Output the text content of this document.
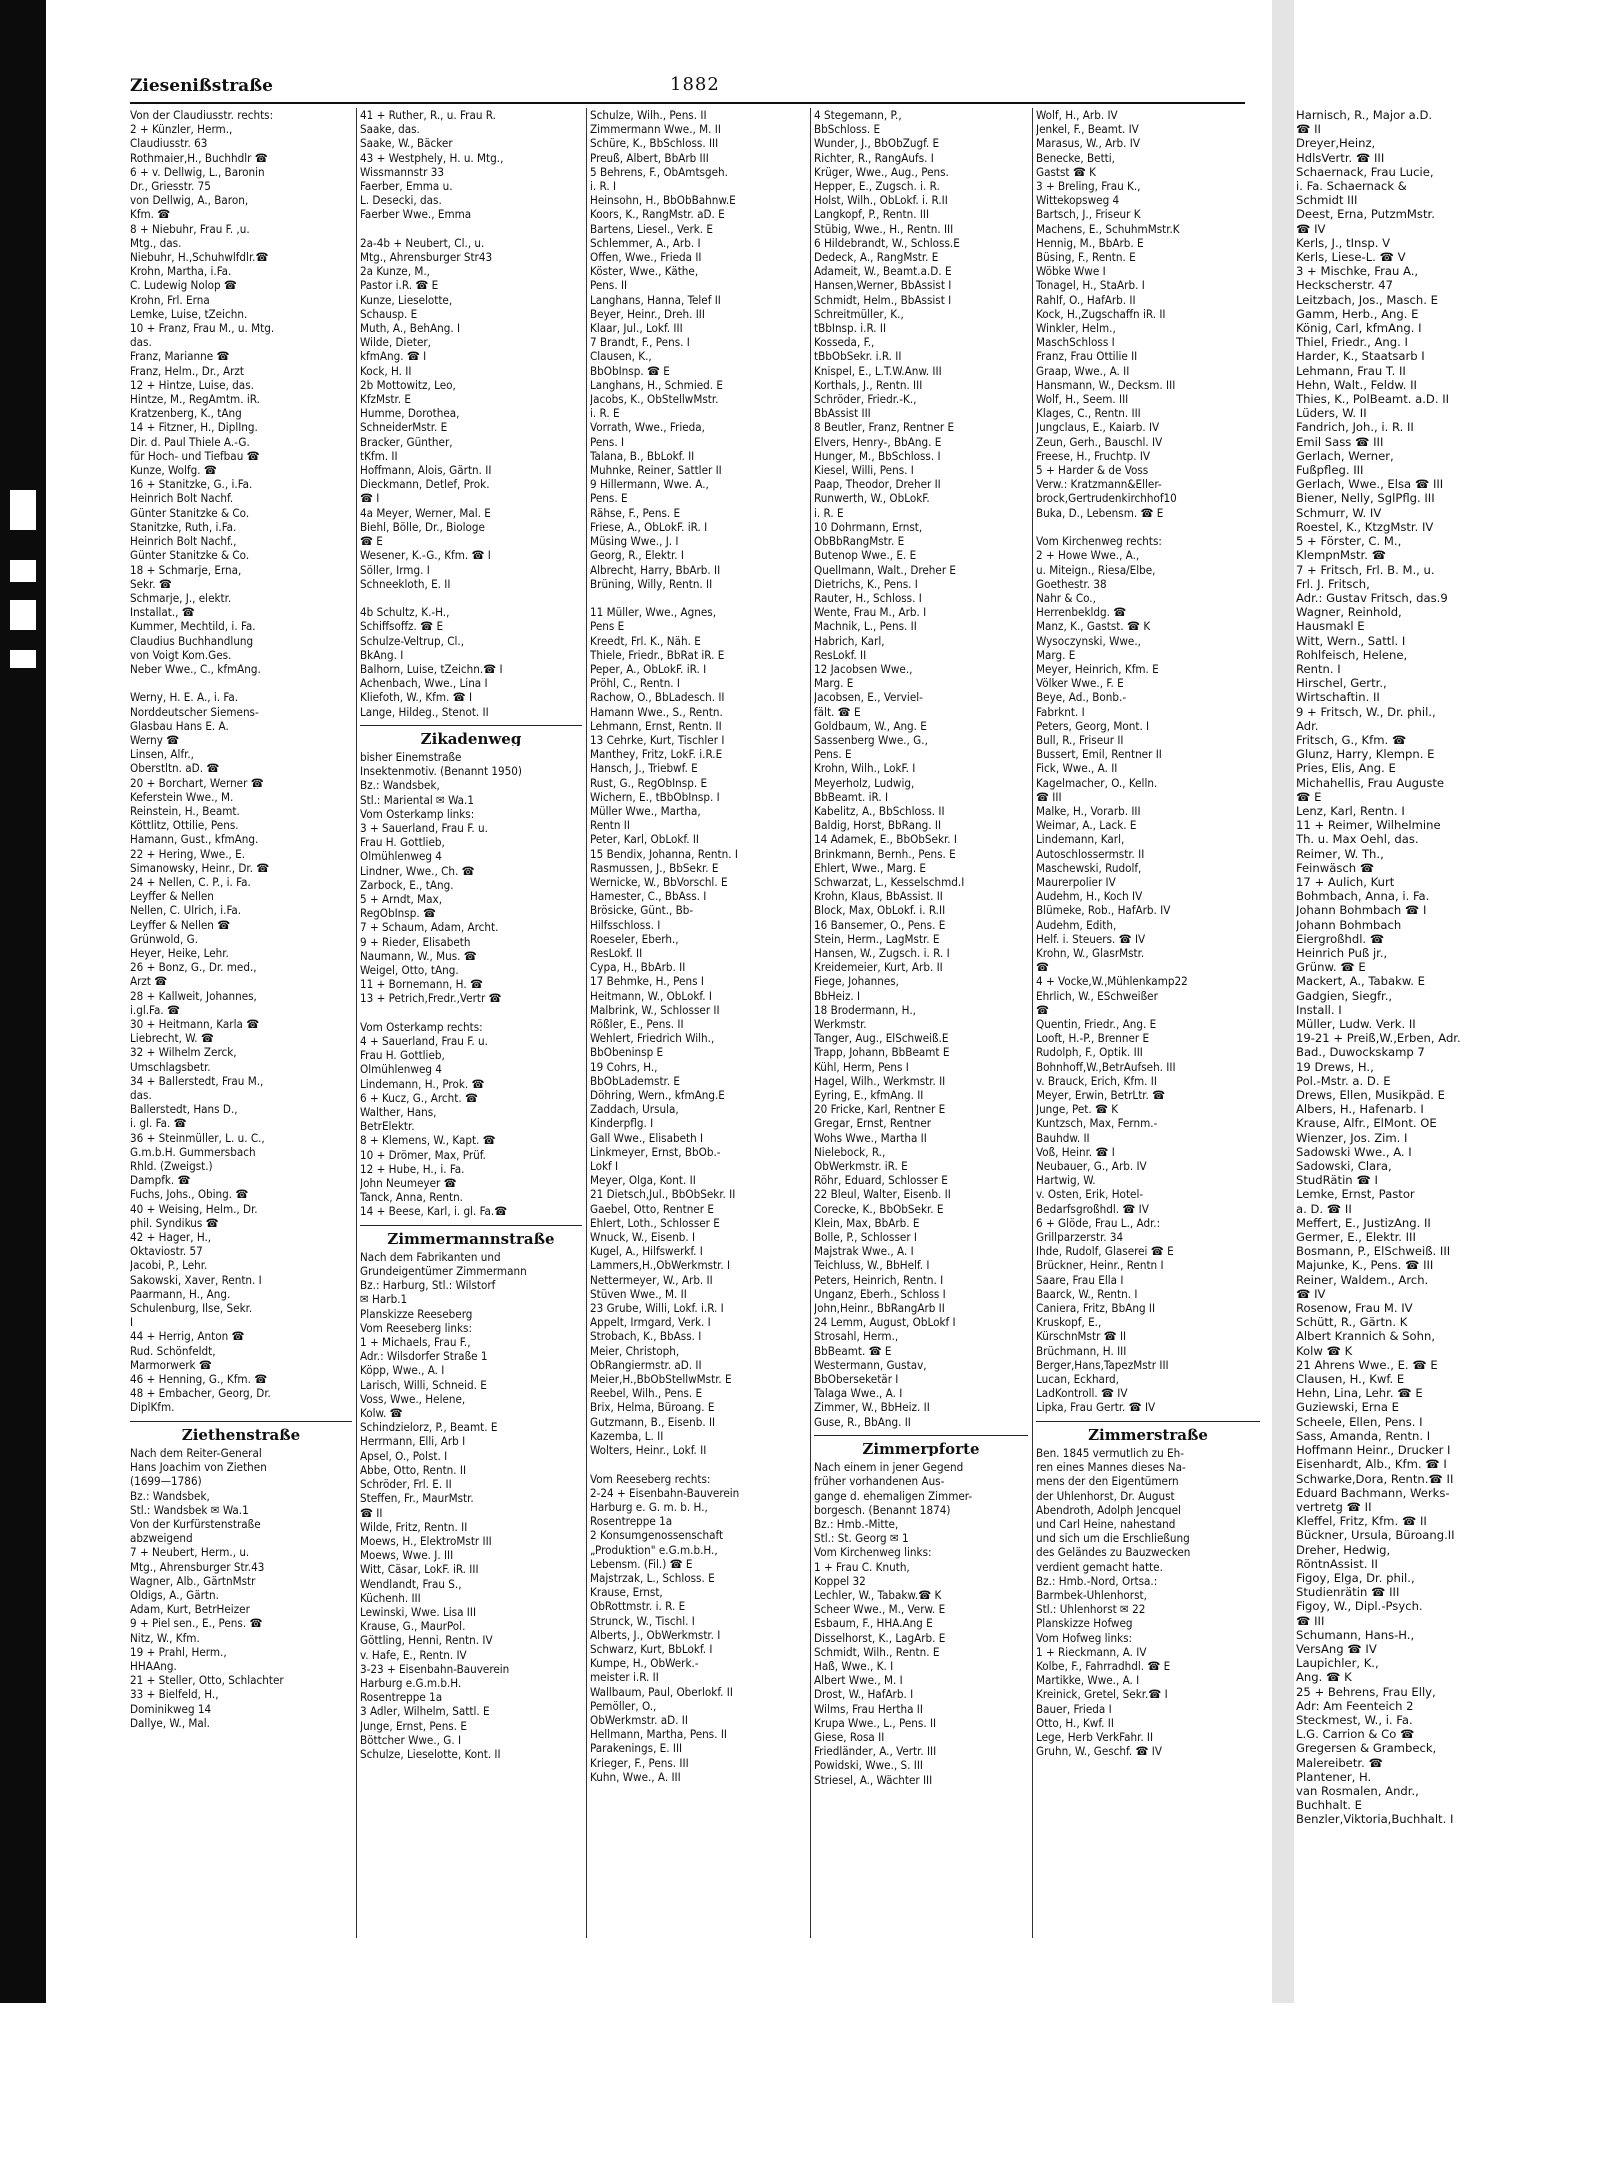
Ziesenißstraße	1882
Von der Claudiusstr. rechts:
2 + Künzler, Herm.,
Claudiusstr. 63
Rothmaier,H., Buchhdlr ☎
6 + v. Dellwig, L., Baronin
Dr., Griesstr. 75
von Dellwig, A., Baron,
Kfm. ☎
8 + Niebuhr, Frau F. ,u.
Mtg., das.
Niebuhr, H.,Schuhwlfdlr.☎
Krohn, Martha, i.Fa.
C. Ludewig Nolop ☎
Krohn, Frl. Erna
Lemke, Luise, tZeichn.
10 + Franz, Frau M., u. Mtg.
das.
Franz, Marianne ☎
Franz, Helm., Dr., Arzt
12 + Hintze, Luise, das.
Hintze, M., RegAmtm. iR.
Kratzenberg, K., tAng
14 + Fitzner, H., DiplIng.
Dir. d. Paul Thiele A.-G.
für Hoch- und Tiefbau ☎
Kunze, Wolfg. ☎
16 + Stanitzke, G., i.Fa.
Heinrich Bolt Nachf.
Günter Stanitzke & Co.
Stanitzke, Ruth, i.Fa.
Heinrich Bolt Nachf.,
Günter Stanitzke & Co.
18 + Schmarje, Erna,
Sekr. ☎
Schmarje, J., elektr.
Installat., ☎
Kummer, Mechtild, i. Fa.
Claudius Buchhandlung
von Voigt Kom.Ges.
Neber Wwe., C., kfmAng.

Werny, H. E. A., i. Fa.
Norddeutscher Siemens-
Glasbau Hans E. A.
Werny ☎
Linsen, Alfr.,
Oberstltn. aD. ☎
20 + Borchart, Werner ☎
Keferstein Wwe., M.
Reinstein, H., Beamt.
Köttlitz, Ottilie, Pens.
Hamann, Gust., kfmAng.
22 + Hering, Wwe., E.
Simanowsky, Heinr., Dr. ☎
24 + Nellen, C. P., i. Fa.
Leyffer & Nellen
Nellen, C. Ulrich, i.Fa.
Leyffer & Nellen ☎
Grünwold, G.
Heyer, Heike, Lehr.
26 + Bonz, G., Dr. med.,
Arzt ☎
28 + Kallweit, Johannes,
i.gl.Fa. ☎
30 + Heitmann, Karla ☎
Liebrecht, W. ☎
32 + Wilhelm Zerck,
Umschlagsbetr.
34 + Ballerstedt, Frau M.,
das.
Ballerstedt, Hans D.,
i. gl. Fa. ☎
36 + Steinmüller, L. u. C.,
G.m.b.H. Gummersbach
Rhld. (Zweigst.)
Dampfk. ☎
Fuchs, Johs., Obing. ☎
40 + Weising, Helm., Dr.
phil. Syndikus ☎
42 + Hager, H.,
Oktaviostr. 57
Jacobi, P., Lehr.
Sakowski, Xaver, Rentn. I
Paarmann, H., Ang.
Schulenburg, Ilse, Sekr.
I
44 + Herrig, Anton ☎
Rud. Schönfeldt,
Marmorwerk ☎
46 + Henning, G., Kfm. ☎
48 + Embacher, Georg, Dr.
DiplKfm.
Ziethenstraße
Nach dem Reiter-General
Hans Joachim von Ziethen
(1699—1786)
Bz.: Wandsbek,
Stl.: Wandsbek ✉ Wa.1
Von der Kurfürstenstraße
abzweigend
7 + Neubert, Herm., u.
Mtg., Ahrensburger Str.43
Wagner, Alb., GärtnMstr
Oldigs, A., Gärtn.
Adam, Kurt, BetrHeizer
9 + Piel sen., E., Pens. ☎
Nitz, W., Kfm.
19 + Prahl, Herm.,
HHAAng.
21 + Steller, Otto, Schlachter
33 + Bielfeld, H.,
Dominikweg 14
Dallye, W., Mal.
41 + Ruther, R., u. Frau R.
Saake, das.
Saake, W., Bäcker
43 + Westphely, H. u. Mtg.,
Wissmannstr 33
Faerber, Emma u.
L. Desecki, das.
Faerber Wwe., Emma

2a-4b + Neubert, Cl., u.
Mtg., Ahrensburger Str43
2a Kunze, M.,
Pastor i.R. ☎ E
Kunze, Lieselotte,
Schausp. E
Muth, A., BehAng. I
Wilde, Dieter,
kfmAng. ☎ I
Kock, H. II
2b Mottowitz, Leo,
KfzMstr. E
Humme, Dorothea,
SchneiderMstr. E
Bracker, Günther,
tKfm. II
Hoffmann, Alois, Gärtn. II
Dieckmann, Detlef, Prok.
☎ I
4a Meyer, Werner, Mal. E
Biehl, Bölle, Dr., Biologe
☎ E
Wesener, K.-G., Kfm. ☎ I
Söller, Irmg. I
Schneekloth, E. II

4b Schultz, K.-H.,
Schiffsoffz. ☎ E
Schulze-Veltrup, Cl.,
BkAng. I
Balhorn, Luise, tZeichn.☎ I
Achenbach, Wwe., Lina I
Kliefoth, W., Kfm. ☎ I
Lange, Hildeg., Stenot. II
Zikadenweg
bisher Einemstraße
Insektenmotiv. (Benannt 1950)
Bz.: Wandsbek,
Stl.: Mariental ✉ Wa.1
Vom Osterkamp links:
3 + Sauerland, Frau F. u.
Frau H. Gottlieb,
Olmühlenweg 4
Lindner, Wwe., Ch. ☎
Zarbock, E., tAng.
5 + Arndt, Max,
RegObInsp. ☎
7 + Schaum, Adam, Archt.
9 + Rieder, Elisabeth
Naumann, W., Mus. ☎
Weigel, Otto, tAng.
11 + Bornemann, H. ☎
13 + Petrich,Fredr.,Vertr ☎

Vom Osterkamp rechts:
4 + Sauerland, Frau F. u.
Frau H. Gottlieb,
Olmühlenweg 4
Lindemann, H., Prok. ☎
6 + Kucz, G., Archt. ☎
Walther, Hans,
BetrElektr.
8 + Klemens, W., Kapt. ☎
10 + Drömer, Max, Prüf.
12 + Hube, H., i. Fa.
John Neumeyer ☎
Tanck, Anna, Rentn.
14 + Beese, Karl, i. gl. Fa.☎
Zimmermannstraße
Nach dem Fabrikanten und
Grundeigentümer Zimmermann
Bz.: Harburg, Stl.: Wilstorf
✉ Harb.1
Planskizze Reeseberg
Vom Reeseberg links:
1 + Michaels, Frau F.,
Adr.: Wilsdorfer Straße 1
Köpp, Wwe., A. I
Larisch, Willi, Schneid. E
Voss, Wwe., Helene,
Kolw. ☎
Schindzielorz, P., Beamt. E
Herrmann, Elli, Arb I
Apsel, O., Polst. I
Abbe, Otto, Rentn. II
Schröder, Frl. E. II
Steffen, Fr., MaurMstr.
☎ II
Wilde, Fritz, Rentn. II
Moews, H., ElektroMstr III
Moews, Wwe. J. III
Witt, Cäsar, LokF. iR. III
Wendlandt, Frau S.,
Küchenh. III
Lewinski, Wwe. Lisa III
Krause, G., MaurPol.
Göttling, Henni, Rentn. IV
v. Hafe, E., Rentn. IV
3-23 + Eisenbahn-Bauverein
Harburg e.G.m.b.H.
Rosentreppe 1a
3 Adler, Wilhelm, Sattl. E
Junge, Ernst, Pens. E
Böttcher Wwe., G. I
Schulze, Lieselotte, Kont. II
Schulze, Wilh., Pens. II
Zimmermann Wwe., M. II
Schüre, K., BbSchloss. III
Preuß, Albert, BbArb III
5 Behrens, F., ObAmtsgeh.
i. R. I
Heinsohn, H., BbObBahnw.E
Koors, K., RangMstr. aD. E
Bartens, Liesel., Verk. E
Schlemmer, A., Arb. I
Offen, Wwe., Frieda II
Köster, Wwe., Käthe,
Pens. II
Langhans, Hanna, Telef II
Beyer, Heinr., Dreh. III
Klaar, Jul., Lokf. III
7 Brandt, F., Pens. I
Clausen, K.,
BbObInsp. ☎ E
Langhans, H., Schmied. E
Jacobs, K., ObStellwMstr.
i. R. E
Vorrath, Wwe., Frieda,
Pens. I
Talana, B., BbLokf. II
Muhnke, Reiner, Sattler II
9 Hillermann, Wwe. A.,
Pens. E
Rähse, F., Pens. E
Friese, A., ObLokF. iR. I
Müsing Wwe., J. I
Georg, R., Elektr. I
Albrecht, Harry, BbArb. II
Brüning, Willy, Rentn. II

11 Müller, Wwe., Agnes,
Pens E
Kreedt, Frl. K., Näh. E
Thiele, Friedr., BbRat iR. E
Peper, A., ObLokF. iR. I
Pröhl, C., Rentn. I
Rachow, O., BbLadesch. II
Hamann Wwe., S., Rentn.
Lehmann, Ernst, Rentn. II
13 Cehrke, Kurt, Tischler I
Manthey, Fritz, LokF. i.R.E
Hansch, J., Triebwf. E
Rust, G., RegObInsp. E
Wichern, E., tBbObInsp. I
Müller Wwe., Martha,
Rentn II
Peter, Karl, ObLokf. II
15 Bendix, Johanna, Rentn. I
Rasmussen, J., BbSekr. E
Wernicke, W., BbVorschl. E
Hamester, C., BbAss. I
Brösicke, Günt., Bb-
Hilfsschloss. I
Roeseler, Eberh.,
ResLokf. II
Cypa, H., BbArb. II
17 Behmke, H., Pens I
Heitmann, W., ObLokf. I
Malbrink, W., Schlosser II
Rößler, E., Pens. II
Wehlert, Friedrich Wilh.,
BbObeninsp E
19 Cohrs, H.,
BbObLademstr. E
Döhring, Wern., kfmAng.E
Zaddach, Ursula,
Kinderpflg. I
Gall Wwe., Elisabeth I
Linkmeyer, Ernst, BbOb.-
Lokf I
Meyer, Olga, Kont. II
21 Dietsch,Jul., BbObSekr. II
Gaebel, Otto, Rentner E
Ehlert, Loth., Schlosser E
Wnuck, W., Eisenb. I
Kugel, A., Hilfswerkf. I
Lammers,H.,ObWerkmstr. I
Nettermeyer, W., Arb. II
Stüven Wwe., M. II
23 Grube, Willi, Lokf. i.R. I
Appelt, Irmgard, Verk. I
Strobach, K., BbAss. I
Meier, Christoph,
ObRangiermstr. aD. II
Meier,H.,BbObStellwMstr. E
Reebel, Wilh., Pens. E
Brix, Helma, Büroang. E
Gutzmann, B., Eisenb. II
Kazemba, L. II
Wolters, Heinr., Lokf. II

Vom Reeseberg rechts:
2-24 + Eisenbahn-Bauverein
Harburg e. G. m. b. H.,
Rosentreppe 1a
2 Konsumgenossenschaft
„Produktion" e.G.m.b.H.,
Lebensm. (Fil.) ☎ E
Majstrzak, L., Schloss. E
Krause, Ernst,
ObRottmstr. i. R. E
Strunck, W., Tischl. I
Alberts, J., ObWerkmstr. I
Schwarz, Kurt, BbLokf. I
Kumpe, H., ObWerk.-
meister i.R. II
Wallbaum, Paul, Oberlokf. II
Pemöller, O.,
ObWerkmstr. aD. II
Hellmann, Martha, Pens. II
Parakenings, E. III
Krieger, F., Pens. III
Kuhn, Wwe., A. III
4 Stegemann, P.,
BbSchloss. E
Wunder, J., BbObZugf. E
Richter, R., RangAufs. I
Krüger, Wwe., Aug., Pens.
Hepper, E., Zugsch. i. R.
Holst, Wilh., ObLokf. i. R.II
Langkopf, P., Rentn. III
Stübig, Wwe., H., Rentn. III
6 Hildebrandt, W., Schloss.E
Dedeck, A., RangMstr. E
Adameit, W., Beamt.a.D. E
Hansen,Werner, BbAssist I
Schmidt, Helm., BbAssist I
Schreitmüller, K.,
tBbInsp. i.R. II
Kosseda, F.,
tBbObSekr. i.R. II
Knispel, E., L.T.W.Anw. III
Korthals, J., Rentn. III
Schröder, Friedr.-K.,
BbAssist III
8 Beutler, Franz, Rentner E
Elvers, Henry-, BbAng. E
Hunger, M., BbSchloss. I
Kiesel, Willi, Pens. I
Paap, Theodor, Dreher II
Runwerth, W., ObLokF.
i. R. E
10 Dohrmann, Ernst,
ObBbRangMstr. E
Butenop Wwe., E. E
Quellmann, Walt., Dreher E
Dietrichs, K., Pens. I
Rauter, H., Schloss. I
Wente, Frau M., Arb. I
Machnik, L., Pens. II
Habrich, Karl,
ResLokf. II
12 Jacobsen Wwe.,
Marg. E
Jacobsen, E., Verviel-
fält. ☎ E
Goldbaum, W., Ang. E
Sassenberg Wwe., G.,
Pens. E
Krohn, Wilh., LokF. I
Meyerholz, Ludwig,
BbBeamt. iR. I
Kabelitz, A., BbSchloss. II
Baldig, Horst, BbRang. II
14 Adamek, E., BbObSekr. I
Brinkmann, Bernh., Pens. E
Ehlert, Wwe., Marg. E
Schwarzat, L., Kesselschmd.I
Krohn, Klaus, BbAssist. II
Block, Max, ObLokf. i. R.II
16 Bansemer, O., Pens. E
Stein, Herm., LagMstr. E
Hansen, W., Zugsch. i. R. I
Kreidemeier, Kurt, Arb. II
Fiege, Johannes,
BbHeiz. I
18 Brodermann, H.,
Werkmstr.
Tanger, Aug., ElSchweiß.E
Trapp, Johann, BbBeamt E
Kühl, Herm, Pens I
Hagel, Wilh., Werkmstr. II
Eyring, E., kfmAng. II
20 Fricke, Karl, Rentner E
Gregar, Ernst, Rentner
Wohs Wwe., Martha II
Nielebock, R.,
ObWerkmstr. iR. E
Röhr, Eduard, Schlosser E
22 Bleul, Walter, Eisenb. II
Corecke, K., BbObSekr. E
Klein, Max, BbArb. E
Bolle, P., Schlosser I
Majstrak Wwe., A. I
Teichluss, W., BbHelf. I
Peters, Heinrich, Rentn. I
Unganz, Eberh., Schloss I
John,Heinr., BbRangArb II
24 Lemm, August, ObLokf I
Strosahl, Herm.,
BbBeamt. ☎ E
Westermann, Gustav,
BbOberseketär I
Talaga Wwe., A. I
Zimmer, W., BbHeiz. II
Guse, R., BbAng. II
Zimmerpforte
Nach einem in jener Gegend
früher vorhandenen Aus-
gange d. ehemaligen Zimmer-
borgesch. (Benannt 1874)
Bz.: Hmb.-Mitte,
Stl.: St. Georg ✉ 1
Vom Kirchenweg links:
1 + Frau C. Knuth,
Koppel 32
Lechler, W., Tabakw.☎ K
Scheer Wwe., M., Verw. E
Esbaum, F., HHA.Ang E
Disselhorst, K., LagArb. E
Schmidt, Wilh., Rentn. E
Haß, Wwe., K. I
Albert Wwe., M. I
Drost, W., HafArb. I
Wilms, Frau Hertha II
Krupa Wwe., L., Pens. II
Giese, Rosa II
Friedländer, A., Vertr. III
Powidski, Wwe., S. III
Striesel, A., Wächter III
Wolf, H., Arb. IV
Jenkel, F., Beamt. IV
Marasus, W., Arb. IV
Benecke, Betti,
Gastst ☎ K
3 + Breling, Frau K.,
Wittekopsweg 4
Bartsch, J., Friseur K
Machens, E., SchuhmMstr.K
Hennig, M., BbArb. E
Büsing, F., Rentn. E
Wöbke Wwe I
Tonagel, H., StaArb. I
Rahlf, O., HafArb. II
Kock, H.,Zugschaffn iR. II
Winkler, Helm.,
MaschSchloss I
Franz, Frau Ottilie II
Graap, Wwe., A. II
Hansmann, W., Decksm. III
Wolf, H., Seem. III
Klages, C., Rentn. III
Jungclaus, E., Kaiarb. IV
Zeun, Gerh., Bauschl. IV
Freese, H., Fruchtp. IV
5 + Harder & de Voss
Verw.: Kratzmann&Eller-
brock,Gertrudenkirchhof10
Buka, D., Lebensm. ☎ E

Vom Kirchenweg rechts:
2 + Howe Wwe., A.,
u. Miteign., Riesa/Elbe,
Goethestr. 38
Nahr & Co.,
Herrenbekldg. ☎
Manz, K., Gastst. ☎ K
Wysoczynski, Wwe.,
Marg. E
Meyer, Heinrich, Kfm. E
Völker Wwe., F. E
Beye, Ad., Bonb.-
Fabrknt. I
Peters, Georg, Mont. I
Bull, R., Friseur II
Bussert, Emil, Rentner II
Fick, Wwe., A. II
Kagelmacher, O., Kelln.
☎ III
Malke, H., Vorarb. III
Weimar, A., Lack. E
Lindemann, Karl,
Autoschlossermstr. II
Maschewski, Rudolf,
Maurerpolier IV
Audehm, H., Koch IV
Blümeke, Rob., HafArb. IV
Audehm, Edith,
Helf. i. Steuers. ☎ IV
Krohn, W., GlasrMstr.
☎
4 + Vocke,W.,Mühlenkamp22
Ehrlich, W., ESchweißer
☎
Quentin, Friedr., Ang. E
Looft, H.-P., Brenner E
Rudolph, F., Optik. III
Bohnhoff,W.,BetrAufseh. III
v. Brauck, Erich, Kfm. II
Meyer, Erwin, BetrLtr. ☎
Junge, Pet. ☎ K
Kuntzsch, Max, Fernm.-
Bauhdw. II
Voß, Heinr. ☎ I
Neubauer, G., Arb. IV
Hartwig, W.
v. Osten, Erik, Hotel-
Bedarfsgroßhdl. ☎ IV
6 + Glöde, Frau L., Adr.:
Grillparzerstr. 34
Ihde, Rudolf, Glaserei ☎ E
Brückner, Heinr., Rentn I
Saare, Frau Ella I
Baarck, W., Rentn. I
Caniera, Fritz, BbAng II
Kruskopf, E.,
KürschnMstr ☎ II
Brüchmann, H. III
Berger,Hans,TapezMstr III
Lucan, Eckhard,
LadKontroll. ☎ IV
Lipka, Frau Gertr. ☎ IV
Zimmerstraße
Ben. 1845 vermutlich zu Eh-
ren eines Mannes dieses Na-
mens der den Eigentümern
der Uhlenhorst, Dr. August
Abendroth, Adolph Jencquel
und Carl Heine, nahestand
und sich um die Erschließung
des Geländes zu Bauzwecken
verdient gemacht hatte.
Bz.: Hmb.-Nord, Ortsa.:
Barmbek-Uhlenhorst,
Stl.: Uhlenhorst ✉ 22
Planskizze Hofweg
Vom Hofweg links:
1 + Rieckmann, A. IV
Kolbe, F., Fahrradhdl. ☎ E
Martikke, Wwe., A. I
Kreinick, Gretel, Sekr.☎ I
Bauer, Frieda I
Otto, H., Kwf. II
Lege, Herb VerkFahr. II
Gruhn, W., Geschf. ☎ IV
Harnisch, R., Major a.D.
☎ II
Dreyer,Heinz,
HdlsVertr. ☎ III
Schaernack, Frau Lucie,
i. Fa. Schaernack &
Schmidt III
Deest, Erna, PutzmMstr.
☎ IV
Kerls, J., tInsp. V
Kerls, Liese-L. ☎ V
3 + Mischke, Frau A.,
Heckscherstr. 47
Leitzbach, Jos., Masch. E
Gamm, Herb., Ang. E
König, Carl, kfmAng. I
Thiel, Friedr., Ang. I
Harder, K., Staatsarb I
Lehmann, Frau T. II
Hehn, Walt., Feldw. II
Thies, K., PolBeamt. a.D. II
Lüders, W. II
Fandrich, Joh., i. R. II
Emil Sass ☎ III
Gerlach, Werner,
Fußpfleg. III
Gerlach, Wwe., Elsa ☎ III
Biener, Nelly, SglPflg. III
Schmurr, W. IV
Roestel, K., KtzgMstr. IV
5 + Förster, C. M.,
KlempnMstr. ☎
7 + Fritsch, Frl. B. M., u.
Frl. J. Fritsch,
Adr.: Gustav Fritsch, das.9
Wagner, Reinhold,
Hausmakl E
Witt, Wern., Sattl. I
Rohlfeisch, Helene,
Rentn. I
Hirschel, Gertr.,
Wirtschaftin. II
9 + Fritsch, W., Dr. phil.,
Adr.
Fritsch, G., Kfm. ☎
Glunz, Harry, Klempn. E
Pries, Elis, Ang. E
Michahellis, Frau Auguste
☎ E
Lenz, Karl, Rentn. I
11 + Reimer, Wilhelmine
Th. u. Max Oehl, das.
Reimer, W. Th.,
Feinwäsch ☎
17 + Aulich, Kurt
Bohmbach, Anna, i. Fa.
Johann Bohmbach ☎ I
Johann Bohmbach
Eiergroßhdl. ☎
Heinrich Puß jr.,
Grünw. ☎ E
Mackert, A., Tabakw. E
Gadgien, Siegfr.,
Install. I
Müller, Ludw. Verk. II
19-21 + Preiß,W.,Erben, Adr.
Bad., Duwockskamp 7
19 Drews, H.,
Pol.-Mstr. a. D. E
Drews, Ellen, Musikpäd. E
Albers, H., Hafenarb. I
Krause, Alfr., ElMont. OE
Wienzer, Jos. Zim. I
Sadowski Wwe., A. I
Sadowski, Clara,
StudRätin ☎ I
Lemke, Ernst, Pastor
a. D. ☎ II
Meffert, E., JustizAng. II
Germer, E., Elektr. III
Bosmann, P., ElSchweiß. III
Majunke, K., Pens. ☎ III
Reiner, Waldem., Arch.
☎ IV
Rosenow, Frau M. IV
Schütt, R., Gärtn. K
Albert Krannich & Sohn,
Kolw ☎ K
21 Ahrens Wwe., E. ☎ E
Clausen, H., Kwf. E
Hehn, Lina, Lehr. ☎ E
Guziewski, Erna E
Scheele, Ellen, Pens. I
Sass, Amanda, Rentn. I
Hoffmann Heinr., Drucker I
Eisenhardt, Alb., Kfm. ☎ I
Schwarke,Dora, Rentn.☎ II
Eduard Bachmann, Werks-
vertretg ☎ II
Kleffel, Fritz, Kfm. ☎ II
Bückner, Ursula, Büroang.II
Dreher, Hedwig,
RöntnAssist. II
Figoy, Elga, Dr. phil.,
Studienrätin ☎ III
Figoy, W., Dipl.-Psych.
☎ III
Schumann, Hans-H.,
VersAng ☎ IV
Laupichler, K.,
Ang. ☎ K
25 + Behrens, Frau Elly,
Adr: Am Feenteich 2
Steckmest, W., i. Fa.
L.G. Carrion & Co ☎
Gregersen & Grambeck,
Malereibetr. ☎
Plantener, H.
van Rosmalen, Andr.,
Buchhalt. E
Benzler,Viktoria,Buchhalt. I
